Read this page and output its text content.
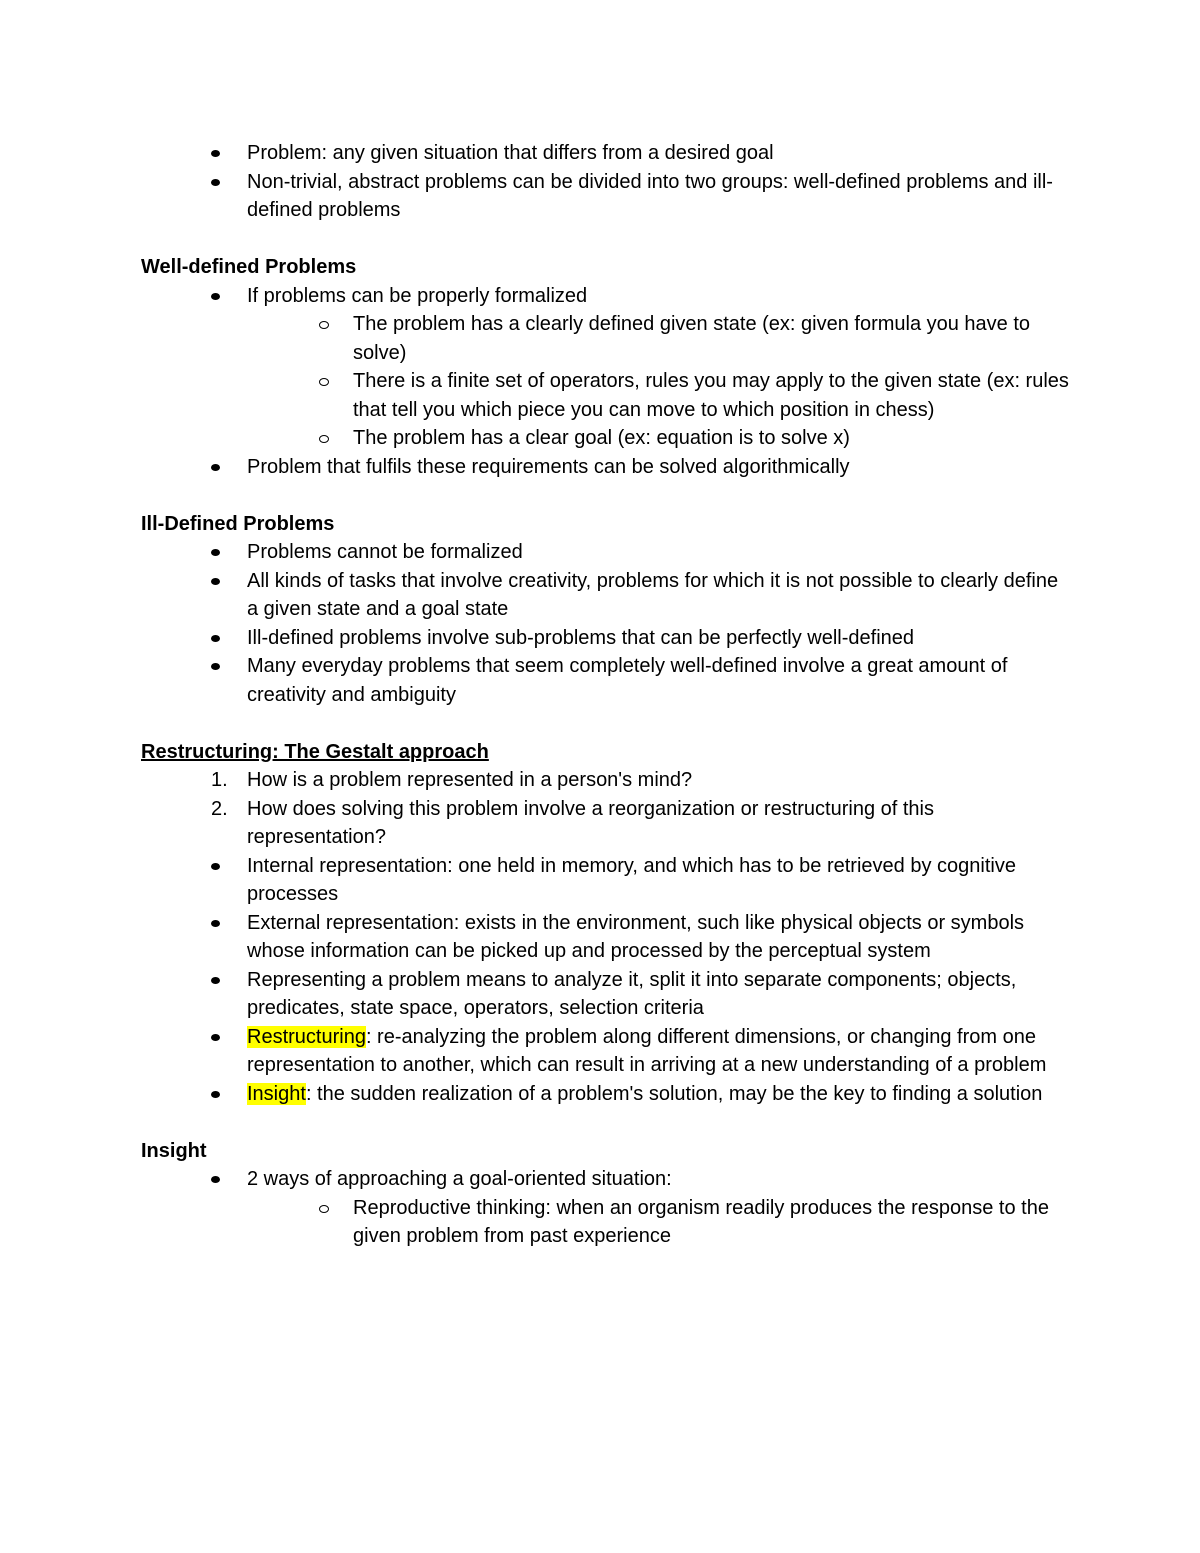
Problem: any given situation that differs from a desired goal
Non-trivial, abstract problems can be divided into two groups: well-defined problems and ill-defined problems
Well-defined Problems
If problems can be properly formalized
The problem has a clearly defined given state (ex: given formula you have to solve)
There is a finite set of operators, rules you may apply to the given state (ex: rules that tell you which piece you can move to which position in chess)
The problem has a clear goal (ex: equation is to solve x)
Problem that fulfils these requirements can be solved algorithmically
Ill-Defined Problems
Problems cannot be formalized
All kinds of tasks that involve creativity, problems for which it is not possible to clearly define a given state and a goal state
Ill-defined problems involve sub-problems that can be perfectly well-defined
Many everyday problems that seem completely well-defined involve a great amount of creativity and ambiguity
Restructuring: The Gestalt approach
1. How is a problem represented in a person's mind?
2. How does solving this problem involve a reorganization or restructuring of this representation?
Internal representation: one held in memory, and which has to be retrieved by cognitive processes
External representation: exists in the environment, such like physical objects or symbols whose information can be picked up and processed by the perceptual system
Representing a problem means to analyze it, split it into separate components; objects, predicates, state space, operators, selection criteria
Restructuring: re-analyzing the problem along different dimensions, or changing from one representation to another, which can result in arriving at a new understanding of a problem
Insight: the sudden realization of a problem's solution, may be the key to finding a solution
Insight
2 ways of approaching a goal-oriented situation:
Reproductive thinking: when an organism readily produces the response to the given problem from past experience
